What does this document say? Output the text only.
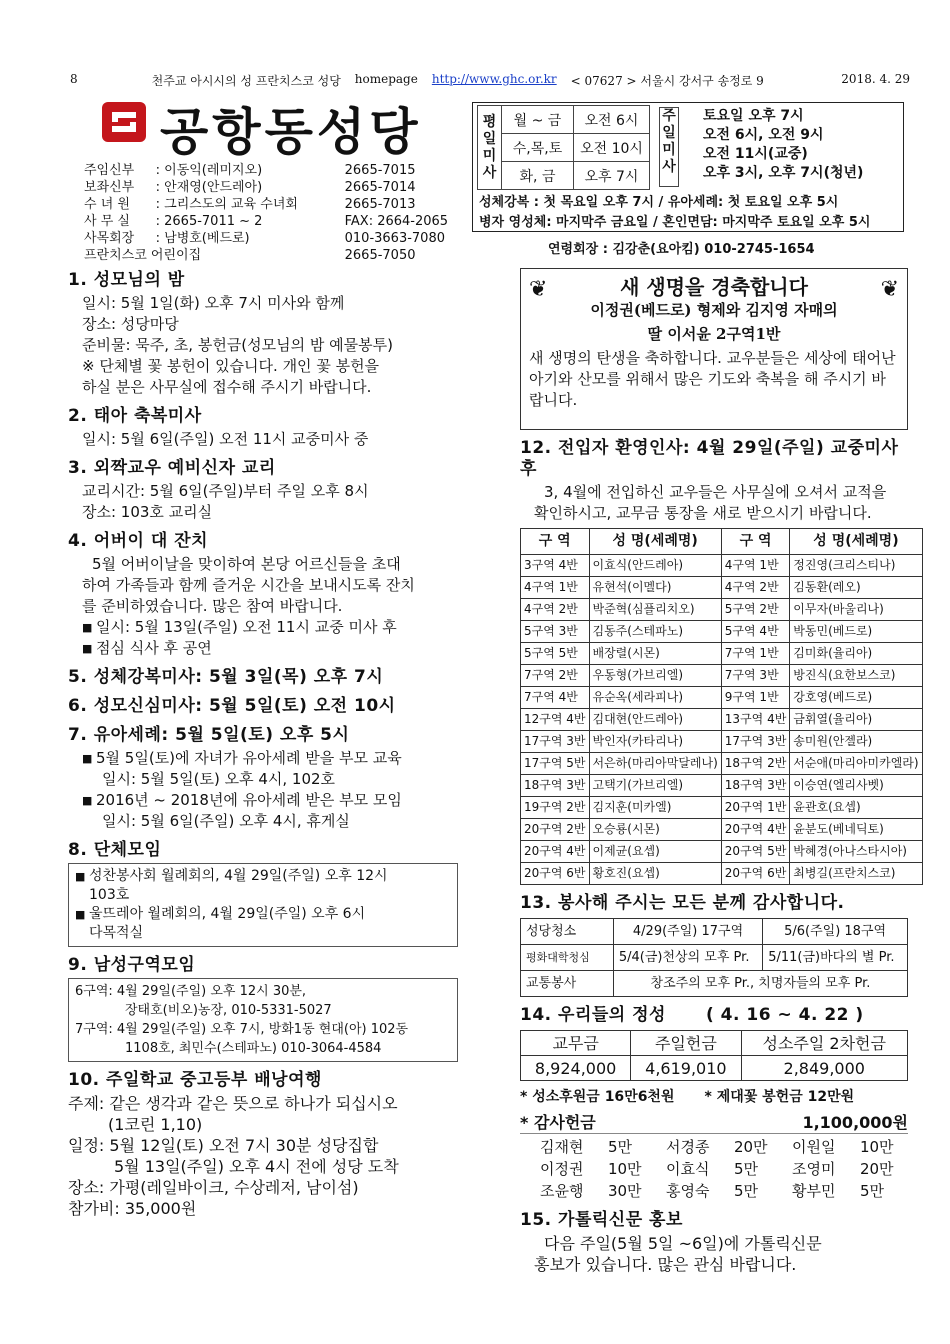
8	천주교 아시시의 성 프란치스코 성당 homepage http://www.ghc.or.kr < 07627 > 서울시 강서구 송정로 9	2018. 4. 29
공항동성당
주임신부	: 이동익(레미지오)	2665-7015
보좌신부	: 안재영(안드레아)	2665-7014
수 녀 원	: 그리스도의 교육 수녀회	2665-7013
사 무 실	: 2665-7011 ~ 2	FAX: 2664-2065
사목회장	: 남병호(베드로)	010-3663-7080
프란치스코 어린이집	2665-7050
평일미사	월 ~ 금	오전 6시
	수,목,토	오전 10시
	화, 금	오후 7시
주일미사
토요일 오후 7시
오전 6시, 오전 9시
오전 11시(교중)
오후 3시, 오후 7시(청년)
성체강복 : 첫 목요일 오후 7시 / 유아세례: 첫 토요일 오후 5시
병자 영성체: 마지막주 금요일 / 혼인면담: 마지막주 토요일 오후 5시
연령회장 : 김강춘(요아킴) 010-2745-1654
1. 성모님의 밤
일시: 5월 1일(화) 오후 7시 미사와 함께
장소: 성당마당
준비물: 묵주, 초, 봉헌금(성모님의 밤 예물봉투)
※ 단체별 꽃 봉헌이 있습니다. 개인 꽃 봉헌을
하실 분은 사무실에 접수해 주시기 바랍니다.
2. 태아 축복미사
일시: 5월 6일(주일) 오전 11시 교중미사 중
3. 외짝교우 예비신자 교리
교리시간: 5월 6일(주일)부터 주일 오후 8시
장소: 103호 교리실
4. 어버이 대 잔치
5월 어버이날을 맞이하여 본당 어르신들을 초대
하여 가족들과 함께 즐거운 시간을 보내시도록 잔치
를 준비하였습니다. 많은 참여 바랍니다.
■ 일시: 5월 13일(주일) 오전 11시 교중 미사 후
■ 점심 식사 후 공연
5. 성체강복미사: 5월 3일(목) 오후 7시
6. 성모신심미사: 5월 5일(토) 오전 10시
7. 유아세례: 5월 5일(토) 오후 5시
■ 5월 5일(토)에 자녀가 유아세례 받을 부모 교육
일시: 5월 5일(토) 오후 4시, 102호
■ 2016년 ~ 2018년에 유아세례 받은 부모 모임
일시: 5월 6일(주일) 오후 4시, 휴게실
8. 단체모임
■ 성찬봉사회 월례회의, 4월 29일(주일) 오후 12시
103호
■ 울뜨레아 월례회의, 4월 29일(주일) 오후 6시
다목적실
9. 남성구역모임
6구역: 4월 29일(주일) 오후 12시 30분,
장태호(비오)농장, 010-5331-5027
7구역: 4월 29일(주일) 오후 7시, 방화1동 현대(아) 102동
1108호, 최민수(스테파노) 010-3064-4584
10. 주일학교 중고등부 배낭여행
주제: 같은 생각과 같은 뜻으로 하나가 되십시오
(1코린 1,10)
일정: 5월 12일(토) 오전 7시 30분 성당집합
5월 13일(주일) 오후 4시 전에 성당 도착
장소: 가평(레일바이크, 수상레저, 남이섬)
참가비: 35,000원
❦	❦
새 생명을 경축합니다
이정권(베드로) 형제와 김지영 자매의
딸 이서윤 2구역1반
새 생명의 탄생을 축하합니다. 교우분들은 세상에 태어난 아기와 산모를 위해서 많은 기도와 축복을 해 주시기 바랍니다.
12. 전입자 환영인사: 4월 29일(주일) 교중미사 후
3, 4월에 전입하신 교우들은 사무실에 오셔서 교적을
확인하시고, 교무금 통장을 새로 받으시기 바랍니다.
구 역	성 명(세례명)	구 역	성 명(세례명)
3구역 4반	이효식(안드레아)	4구역 1반	정진영(크리스티나)
4구역 1반	유현석(이멜다)	4구역 2반	김동환(레오)
4구역 2반	박준혁(심플리치오)	5구역 2반	이무자(바울리나)
5구역 3반	김동주(스테파노)	5구역 4반	박동민(베드로)
5구역 5반	배장렬(시몬)	7구역 1반	김미화(율리아)
7구역 2반	우동형(가브리엘)	7구역 3반	방진식(요한보스코)
7구역 4반	유순옥(세라피나)	9구역 1반	강호영(베드로)
12구역 4반	김대현(안드레아)	13구역 4반	금휘열(율리아)
17구역 3반	박인자(카타리나)	17구역 3반	송미원(안젤라)
17구역 5반	서은하(마리아막달레나)	18구역 2반	서순애(마리아미카엘라)
18구역 3반	고택기(가브리엘)	18구역 3반	이승연(엘리사벳)
19구역 2반	김지훈(미카엘)	20구역 1반	윤관호(요셉)
20구역 2반	오승룡(시몬)	20구역 4반	윤분도(베네딕토)
20구역 4반	이제균(요셉)	20구역 5반	박혜경(아나스타시아)
20구역 6반	황호진(요셉)	20구역 6반	최병길(프란치스코)
13. 봉사해 주시는 모든 분께 감사합니다.
성당청소	4/29(주일) 17구역	5/6(주일) 18구역
평화대학청심	5/4(금)천상의 모후 Pr.	5/11(금)바다의 별 Pr.
교통봉사	창조주의 모후 Pr., 치명자들의 모후 Pr.	
14. 우리들의 정성 ( 4. 16 ~ 4. 22 )
교무금	주일헌금	성소주일 2차헌금
8,924,000	4,619,010	2,849,000
* 성소후원금 16만6천원 * 제대꽃 봉헌금 12만원
* 감사헌금	1,100,000원
김재현	5만	서경종	20만	이원일	10만
이정권	10만	이효식	5만	조영미	20만
조윤행	30만	홍영숙	5만	황부민	5만
15. 가톨릭신문 홍보
다음 주일(5월 5일 ~6일)에 가톨릭신문
홍보가 있습니다. 많은 관심 바랍니다.
